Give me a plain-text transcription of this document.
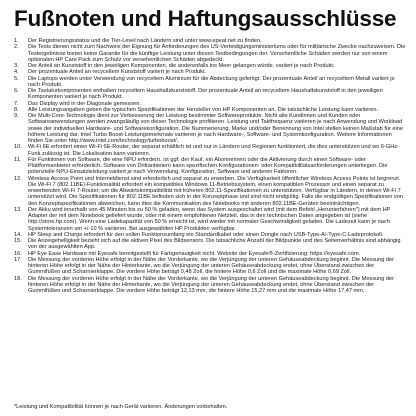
Fußnoten und Haftungsausschlüsse
1.	Der Registrierungsstatus und die Tier-Level nach Ländern sind unter www.epeat.net zu finden.
2.	Die Tests dienen nicht zum Nachweis der Eignung für Anforderungen des US-Verteidigungsministeriums oder für militärische Zwecke nachzuweisen. Die Testergebnisse bieten keine Garantie für die künftige Leistung unter diesen Testbedingungen der. Versehentliche Schäden werden nur von einem optionalen HP Care Pack zum Schutz vor versehentlichen Schäden abgedeckt.
3.	Der Anteil an Kunststoff in den jeweiligen Komponenten, die anderenfalls ins Meer gelangen würde, variiert je nach Produkt.
4.	Der prozentuale Anteil an recyceltem Kunststoff variiert je nach Produkt.
5.	Die Laptops werden unter Verwendung von recyceltem Aluminium für die Abdeckung gefertigt. Der prozentuale Anteil an recyceltem Metall variiert je nach Produkt.
6.	Die Tastaturkomponenten enthalten recyceltem Haushaltskunststoff. Der prozentuale Anteil an recyceltem Haushaltskunststoff in den jeweiligen Komponenten variiert je nach Produkt.
7.	Das Display wird in der Diagonale gemessen.
8.	Alle Leistungsangaben geben die typischen Spezifikationen der Hersteller von HP Komponenten an. Die tatsächliche Leistung kann variieren.
9.	Die Multi-Core-Technologie dient zur Verbesserung der Leistung bestimmter Softwareprodukte. Nicht alle Kundinnen und Kunden oder Softwareanwendungen werden zwangsläufig von dieser Technologie profitieren. Leistung und Taktfrequenz variieren je nach Anwendung und Workload sowie der individuellen Hardware- und Softwarekonfiguration. Die Nummerierung, Marke und/oder Benennung von Intel stellen keinen Maßstab für eine höhere Leistung dar. Intel Turbo Boost-Leistungsmerkmale variieren je nach Hardware-, Software- und Systemkonfiguration. Weitere Informationen finden Sie unter http://www.intel.com/technology/turboboost/.
10.	Wi-Fi 6E erfordert einen Wi-Fi 6E-Router, der separat erhältlich ist und nur in Ländern und Regionen funktioniert, die dies unterstützen und wo 6-GHz-Funk zulässig ist. Die Lokalisation kann variieren.
11.	Für Funktionen von Software, die eine NPU erfordern, ist ggf. der Kauf, ein Abonnement oder die Aktivierung durch einen Software- oder Plattformanbieter erforderlich. Software von Drittanbietern kann spezifischen Konfigurationen- oder Kompatibilitätsanforderungen unterliegen. Die potenzielle NPU-Einsatzleistung variiert je nach Verwendung, Konfiguration, Software und anderen Faktoren.
12.	Wireless Access Point und Internetdienst sind erforderlich und separat zu erwerben. Die Verfügbarkeit öffentlicher Wireless Access Points ist begrenzt. Die Wi-Fi 7 (802.11BE)-Funktionalität erfordert ein kompatibles Windows 11-Betriebssystem, einen kompatiblen Prozessor und einen separat zu erwerbenden Wi-Fi 7-Router, um die Abwärtskompatibilität mit früheren 802.11-Spezifikationen zu unterstützen. Verfügbar in Ländern, in denen Wi-Fi 7 unterstützt wird. Die Spezifikationen für 802.11BE befinden sich in der Konzeptphase und sind nicht endgültig. Falls die endgültigen Spezifikationen von den Konzeptspezifikationen abweichen, kann dies die Kommunikation des Notebooks mit anderen 802.11BE-Geräten beeinträchtigen.
13.	Der Akku wird innerhalb von 45 Minuten bis zu 50 % geladen, wenn das System ausgeschaltet wird (mit dem Befehl „Herunterfahren") mit dem HP Adapter der mit dem Notebook geliefert wurde, oder mit einem empfohlenen Netzteil, das in den technischen Daten angegeben ist (siehe http://store.hp.com). Wenn eine Ladekapazität von 50 % erreicht ist, wird wieder mit normaler Geschwindigkeit geladen. Die Ladezeit kann je nach Systemtoleranzen um +/-10 % variieren. Bei ausgewählten HP Produkten verfügbar.
14.	HP Sleep and Charge erfordert für den vollen Funktionsumfang ein Standardkabel oder einen Dongle nach USB-Type-A/-Type-C-Ladeprotokoll.
15.	Die Anzeigehelligkeit bezieht sich auf die aktiven Pixel des Bildsensors. Die tatsächliche Anzahl der Bildpunkte und des Seitenverhältnis sind abhängig von der ausgewählten App.
16.	HP Eye Ease Hardware mit Eyesafe bereitgestellt für Farbgenauigkeit nicht. Website der Eyesafe®-Zertifizierung: https://eyesafe.com.
17.	Die Messung der vorderen Höhe erfolgt in der Nähe der Vorderkante, wo die Verjüngung der unteren Gehäuseabdeckung beginnt. Die Messung der hinteren Höhe erfolgt in der Nähe der Hinterkante, wo die Verjüngung der unteren Gehäuseabdeckung endet, ohne Überstand zwischen der Gummifüßen und Scharnierklappe. Die vordere Höhe beträgt 0,48 Zoll, die hintere Höhe 0,6 Zoll und die maximale Höhe 0,69 Zoll.
18.	Die Messung der vorderen Höhe erfolgt in der Nähe der Vorderkante, wo die Verjüngung der unteren Gehäuseabdeckung beginnt. Die Messung der hinteren Höhe erfolgt in der Nähe der Hinterkante, wo die Verjüngung der unteren Gehäuseabdeckung endet, ohne Überstand zwischen der Gummifüßen und Scharnierklappe. Die vordere Höhe beträgt 12,13 mm, die hintere Höhe 15,27 mm und die maximale Höhe 17,47 mm.
*Leistung und Kompatibilität können je nach Gerät variieren. Änderungen vorbehalten.
